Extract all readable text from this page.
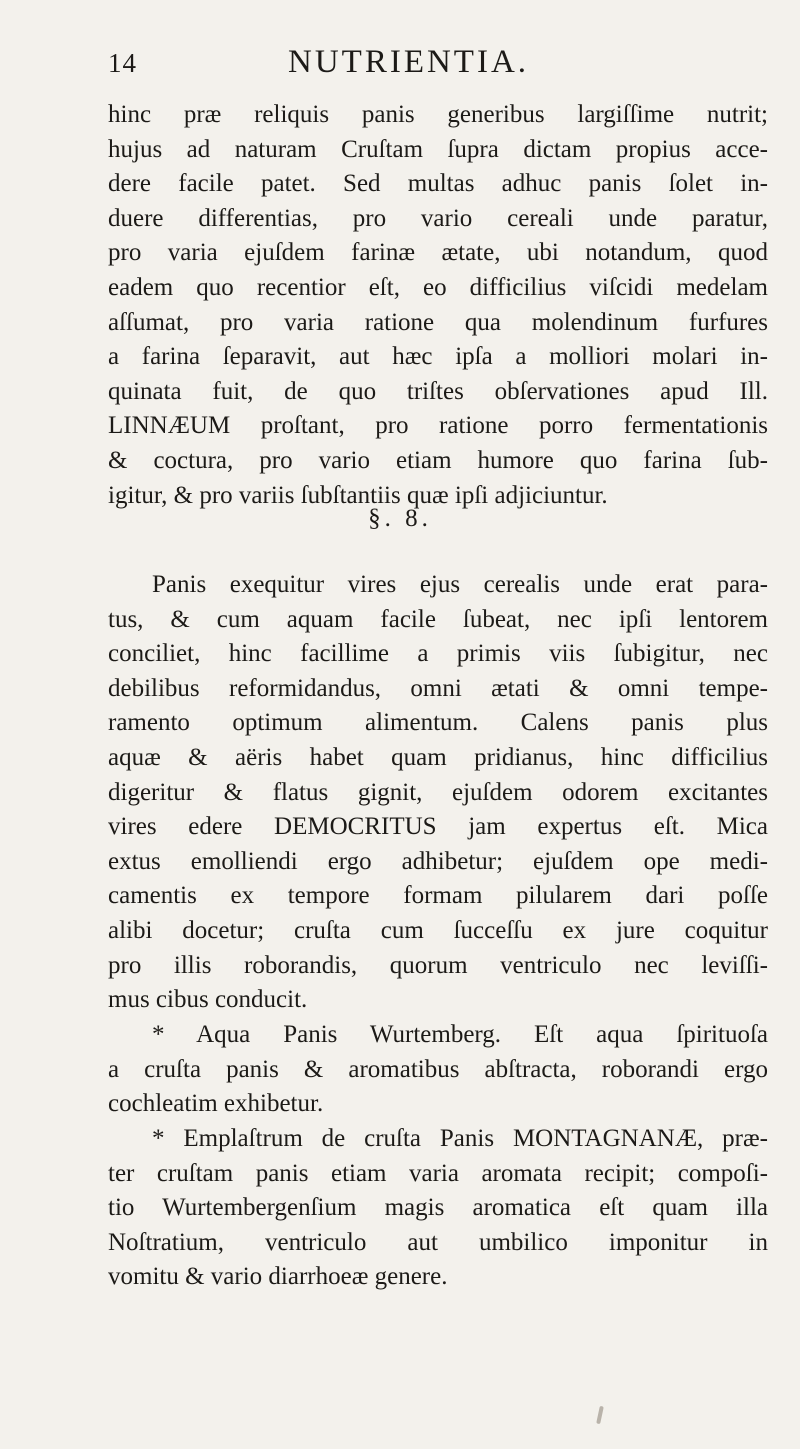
14	NUTRIENTIA.
hinc præ reliquis panis generibus largiſſime nutrit;
hujus ad naturam Cruſtam ſupra dictam propius acce-
dere facile patet. Sed multas adhuc panis ſolet in-
duere differentias, pro vario cereali unde paratur,
pro varia ejuſdem farinæ ætate, ubi notandum, quod
eadem quo recentior eſt, eo difficilius viſcidi medelam
aſſumat, pro varia ratione qua molendinum furfures
a farina ſeparavit, aut hæc ipſa a molliori molari in-
quinata fuit, de quo triſtes obſervationes apud Ill.
LINNÆUM proſtant, pro ratione porro fermentationis
& coctura, pro vario etiam humore quo farina ſub-
igitur, & pro variis ſubſtantiis quæ ipſi adjiciuntur.
§. 8.
Panis exequitur vires ejus cerealis unde erat para-
tus, & cum aquam facile ſubeat, nec ipſi lentorem
conciliet, hinc facillime a primis viis ſubigitur, nec
debilibus reformidandus, omni ætati & omni tempe-
ramento optimum alimentum. Calens panis plus
aquæ & aëris habet quam pridianus, hinc difficilius
digeritur & flatus gignit, ejuſdem odorem excitantes
vires edere DEMOCRITUS jam expertus eſt. Mica
extus emolliendi ergo adhibetur; ejuſdem ope medi-
camentis ex tempore formam pilularem dari poſſe
alibi docetur; cruſta cum ſucceſſu ex jure coquitur
pro illis roborandis, quorum ventriculo nec leviſſi-
mus cibus conducit.
* Aqua Panis Wurtemberg. Eſt aqua ſpirituoſa
a cruſta panis & aromatibus abſtracta, roborandi ergo
cochleatim exhibetur.
* Emplaſtrum de cruſta Panis MONTAGNANÆ, præ-
ter cruſtam panis etiam varia aromata recipit; compoſi-
tio Wurtembergenſium magis aromatica eſt quam illa
Noſtratium, ventriculo aut umbilico imponitur in
vomitu & vario diarrhoeæ genere.
